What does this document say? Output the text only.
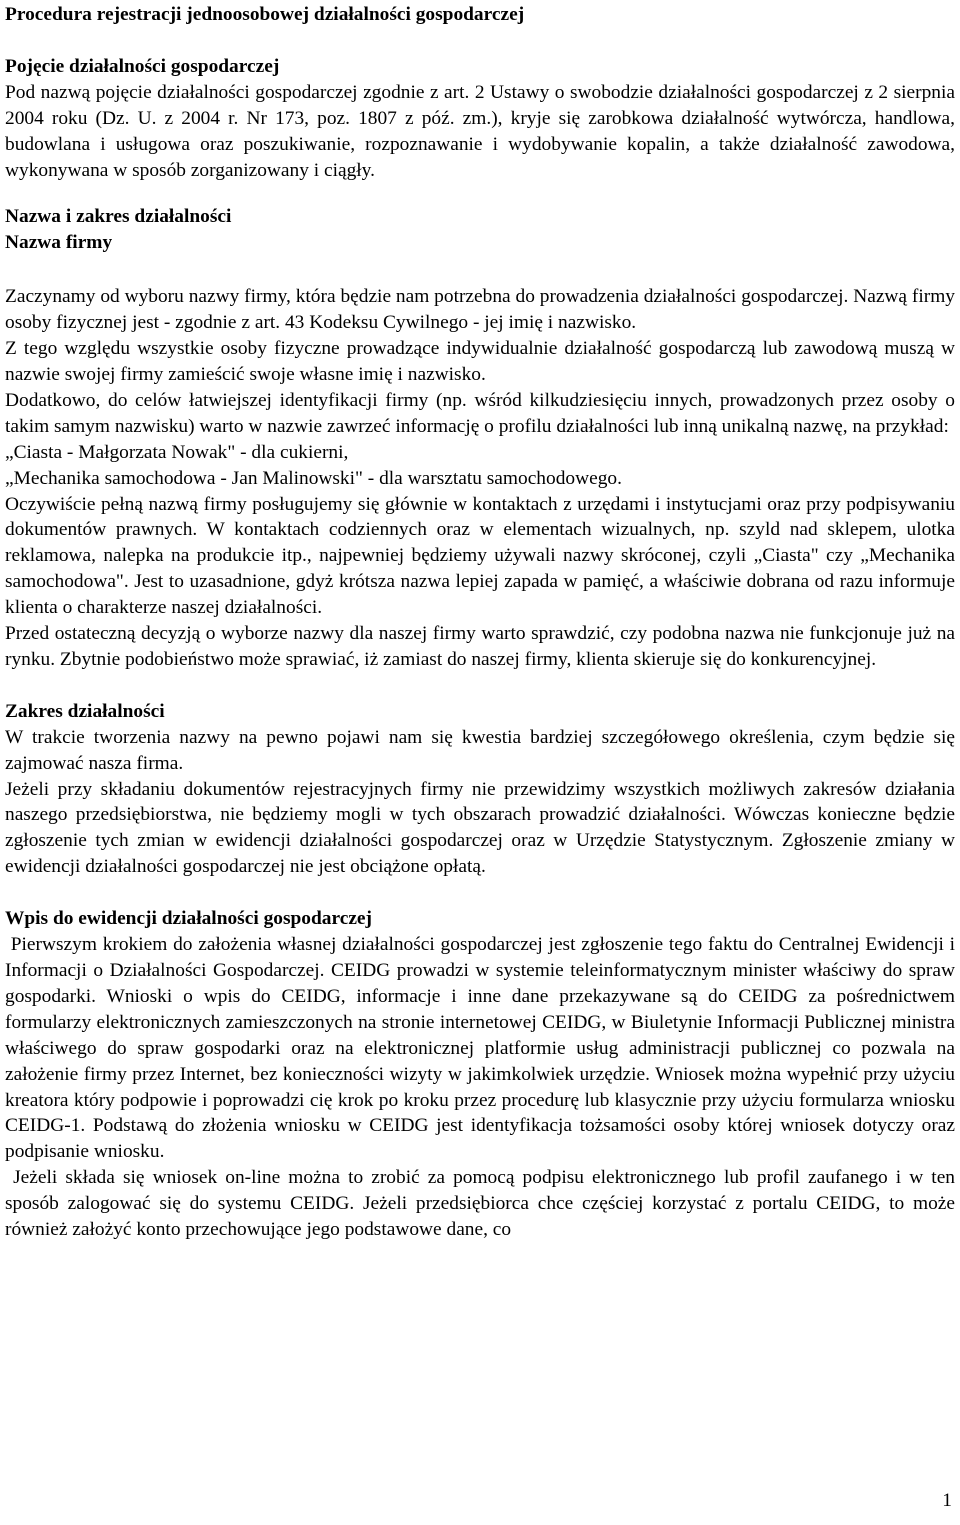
Procedura rejestracji jednoosobowej działalności gospodarczej

Pojęcie działalności gospodarczej

Pod nazwą pojęcie działalności gospodarczej zgodnie z art. 2 Ustawy o swobodzie działalności gospodarczej z 2 sierpnia 2004 roku (Dz. U. z 2004 r. Nr 173, poz. 1807 z póź. zm.), kryje się zarobkowa działalność wytwórcza, handlowa, budowlana i usługowa oraz poszukiwanie, rozpoznawanie i wydobywanie kopalin, a także działalność zawodowa, wykonywana w sposób zorganizowany i ciągły.

Nazwa i zakres działalności

Nazwa firmy

Zaczynamy od wyboru nazwy firmy, która będzie nam potrzebna do prowadzenia działalności gospodarczej. Nazwą firmy osoby fizycznej jest - zgodnie z art. 43 Kodeksu Cywilnego - jej imię i nazwisko.

Z tego względu wszystkie osoby fizyczne prowadzące indywidualnie działalność gospodarczą lub zawodową muszą w nazwie swojej firmy zamieścić swoje własne imię i nazwisko.

Dodatkowo, do celów łatwiejszej identyfikacji firmy (np. wśród kilkudziesięciu innych, prowadzonych przez osoby o takim samym nazwisku) warto w nazwie zawrzeć informację o profilu działalności lub inną unikalną nazwę, na przykład:

„Ciasta - Małgorzata Nowak" - dla cukierni,

„Mechanika samochodowa - Jan Malinowski" - dla warsztatu samochodowego.

Oczywiście pełną nazwą firmy posługujemy się głównie w kontaktach z urzędami i instytucjami oraz przy podpisywaniu dokumentów prawnych. W kontaktach codziennych oraz w elementach wizualnych, np. szyld nad sklepem, ulotka reklamowa, nalepka na produkcie itp., najpewniej będziemy używali nazwy skróconej, czyli „Ciasta" czy „Mechanika samochodowa". Jest to uzasadnione, gdyż krótsza nazwa lepiej zapada w pamięć, a właściwie dobrana od razu informuje klienta o charakterze naszej działalności.

Przed ostateczną decyzją o wyborze nazwy dla naszej firmy warto sprawdzić, czy podobna nazwa nie funkcjonuje już na rynku. Zbytnie podobieństwo może sprawiać, iż zamiast do naszej firmy, klienta skieruje się do konkurencyjnej.

Zakres działalności

W trakcie tworzenia nazwy na pewno pojawi nam się kwestia bardziej szczegółowego określenia, czym będzie się zajmować nasza firma.

Jeżeli przy składaniu dokumentów rejestracyjnych firmy nie przewidzimy wszystkich możliwych zakresów działania naszego przedsiębiorstwa, nie będziemy mogli w tych obszarach prowadzić działalności. Wówczas konieczne będzie zgłoszenie tych zmian w ewidencji działalności gospodarczej oraz w Urzędzie Statystycznym. Zgłoszenie zmiany w ewidencji działalności gospodarczej nie jest obciążone opłatą.

Wpis do ewidencji działalności gospodarczej

Pierwszym krokiem do założenia własnej działalności gospodarczej jest zgłoszenie tego faktu do Centralnej Ewidencji i Informacji o Działalności Gospodarczej. CEIDG prowadzi w systemie teleinformatycznym minister właściwy do spraw gospodarki. Wnioski o wpis do CEIDG, informacje i inne dane przekazywane są do CEIDG za pośrednictwem formularzy elektronicznych zamieszczonych na stronie internetowej CEIDG, w Biuletynie Informacji Publicznej ministra właściwego do spraw gospodarki oraz na elektronicznej platformie usług administracji publicznej co pozwala na założenie firmy przez Internet, bez konieczności wizyty w jakimkolwiek urzędzie. Wniosek można wypełnić przy użyciu kreatora który podpowie i poprowadzi cię krok po kroku przez procedurę lub klasycznie przy użyciu formularza wniosku CEIDG-1. Podstawą do złożenia wniosku w CEIDG jest identyfikacja tożsamości osoby której wniosek dotyczy oraz podpisanie wniosku.

Jeżeli składa się wniosek on-line można to zrobić za pomocą podpisu elektronicznego lub profil zaufanego i w ten sposób zalogować się do systemu CEIDG. Jeżeli przedsiębiorca chce częściej korzystać z portalu CEIDG, to może również założyć konto przechowujące jego podstawowe dane, co

1
